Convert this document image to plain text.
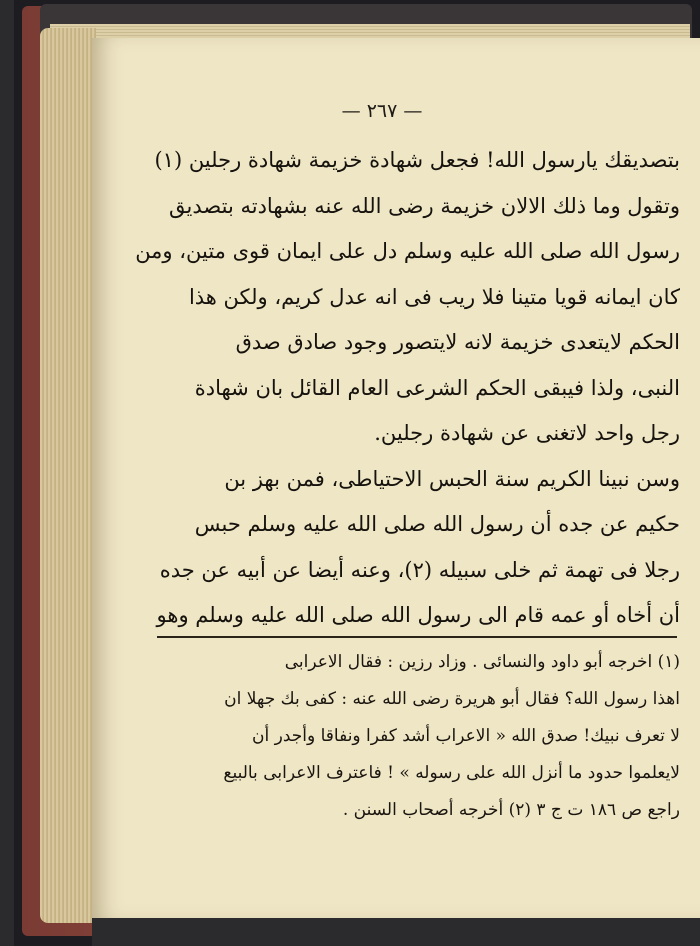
— ٢٦٧ —
بتصديقك يارسول الله! فجعل شهادة خزيمة شهادة رجلين (١)
وتقول وما ذلك الالان خزيمة رضى الله عنه بشهادته بتصديق
رسول الله صلى الله عليه وسلم دل على ايمان قوى متين، ومن
كان ايمانه قويا متينا فلا ريب فى انه عدل كريم، ولكن هذا
الحكم لايتعدى خزيمة لانه لايتصور وجود صادق صدق
النبى، ولذا فيبقى الحكم الشرعى العام القائل بان شهادة
رجل واحد لاتغنى عن شهادة رجلين.
وسن نبينا الكريم سنة الحبس الاحتياطى، فمن بهز بن
حكيم عن جده أن رسول الله صلى الله عليه وسلم حبس
رجلا فى تهمة ثم خلى سبيله (٢)، وعنه أيضا عن أبيه عن جده
أن أخاه أو عمه قام الى رسول الله صلى الله عليه وسلم وهو
(١) اخرجه أبو داود والنسائى . وزاد رزين : فقال الاعرابى
اهذا رسول الله؟ فقال أبو هريرة رضى الله عنه : كفى بك جهلا ان
لا تعرف نبيك! صدق الله « الاعراب أشد كفرا ونفاقا وأجدر أن
لايعلموا حدود ما أنزل الله على رسوله » ! فاعترف الاعرابى بالبيع
راجع ص ١٨٦ ت ج ٣ (٢) أخرجه أصحاب السنن .
